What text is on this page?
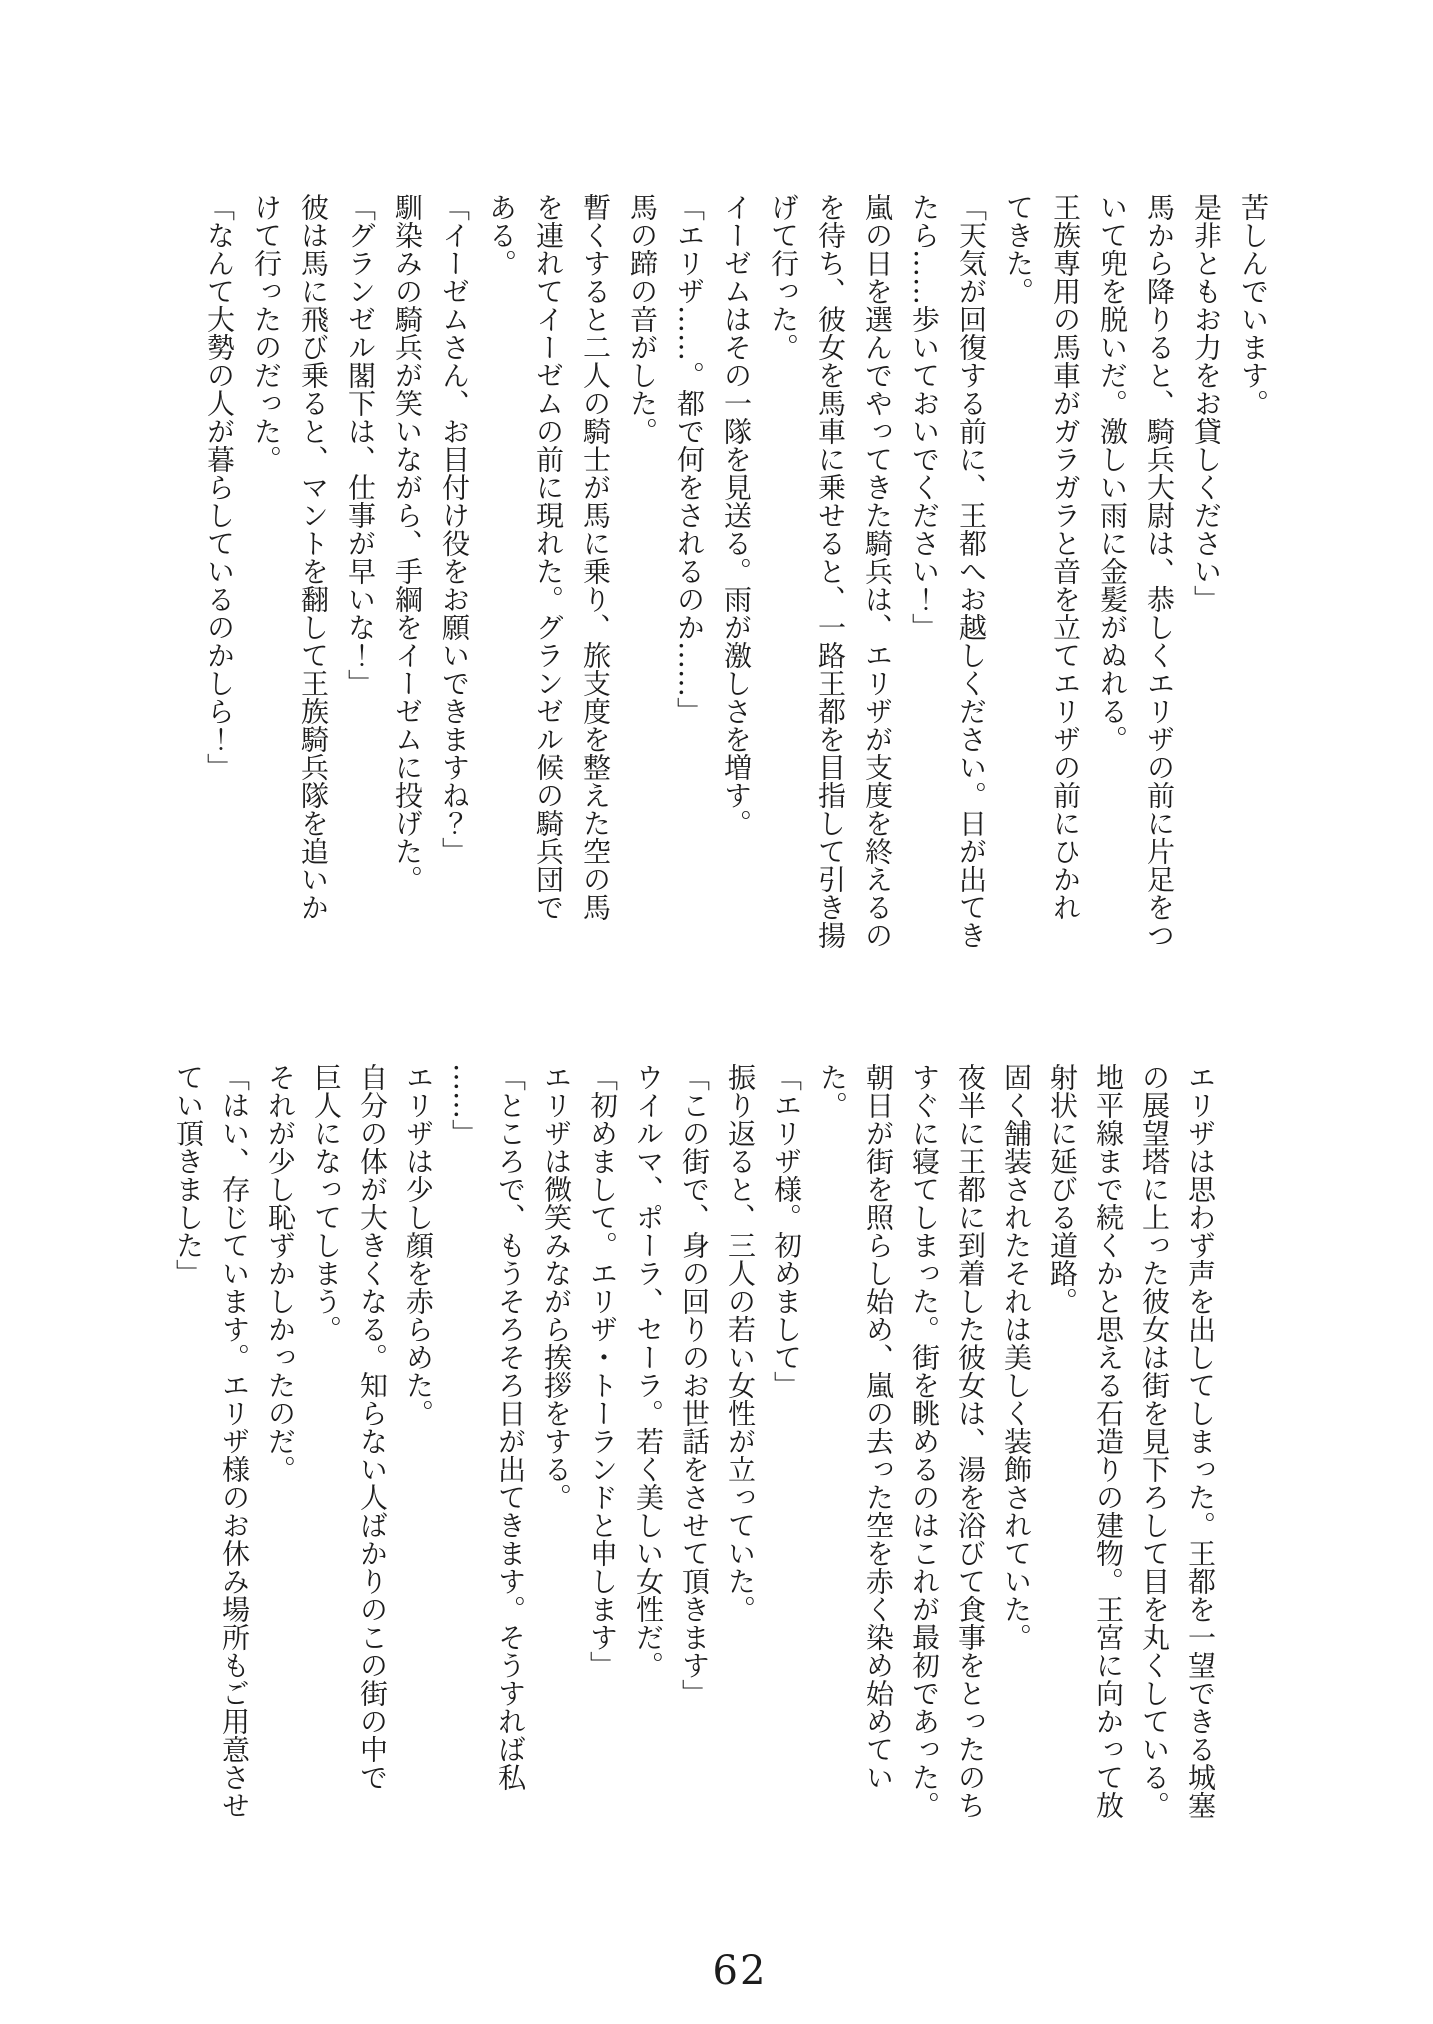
苦しんでいます。

是非ともお力をお貸しください」

馬から降りると、騎兵大尉は、恭しくエリザの前に片足をつ

いて兜を脱いだ。激しい雨に金髪がぬれる。

王族専用の馬車がガラガラと音を立てエリザの前にひかれ

てきた。

「天気が回復する前に、王都へお越しください。日が出てき

たら……歩いておいでください！」

嵐の日を選んでやってきた騎兵は、エリザが支度を終えるの

を待ち、彼女を馬車に乗せると、一路王都を目指して引き揚

げて行った。

イーゼムはその一隊を見送る。雨が激しさを増す。

「エリザ……。都で何をされるのか……」

馬の蹄の音がした。

暫くすると二人の騎士が馬に乗り、旅支度を整えた空の馬

を連れてイーゼムの前に現れた。グランゼル候の騎兵団で

ある。

「イーゼムさん、お目付け役をお願いできますね？」

馴染みの騎兵が笑いながら、手綱をイーゼムに投げた。

「グランゼル閣下は、仕事が早いな！」

彼は馬に飛び乗ると、マントを翻して王族騎兵隊を追いか

けて行ったのだった。

「なんて大勢の人が暮らしているのかしら！」

エリザは思わず声を出してしまった。王都を一望できる城塞

の展望塔に上った彼女は街を見下ろして目を丸くしている。

地平線まで続くかと思える石造りの建物。王宮に向かって放

射状に延びる道路。

固く舗装されたそれは美しく装飾されていた。

夜半に王都に到着した彼女は、湯を浴びて食事をとったのち

すぐに寝てしまった。街を眺めるのはこれが最初であった。

朝日が街を照らし始め、嵐の去った空を赤く染め始めてい

た。

「エリザ様。初めまして」

振り返ると、三人の若い女性が立っていた。

「この街で、身の回りのお世話をさせて頂きます」

ウイルマ、ポーラ、セーラ。若く美しい女性だ。

「初めまして。エリザ・トーランドと申します」

エリザは微笑みながら挨拶をする。

「ところで、もうそろそろ日が出てきます。そうすれば私

……」

エリザは少し顔を赤らめた。

自分の体が大きくなる。知らない人ばかりのこの街の中で

巨人になってしまう。

それが少し恥ずかしかったのだ。

「はい、存じています。エリザ様のお休み場所もご用意させ

てい頂きました」

62
